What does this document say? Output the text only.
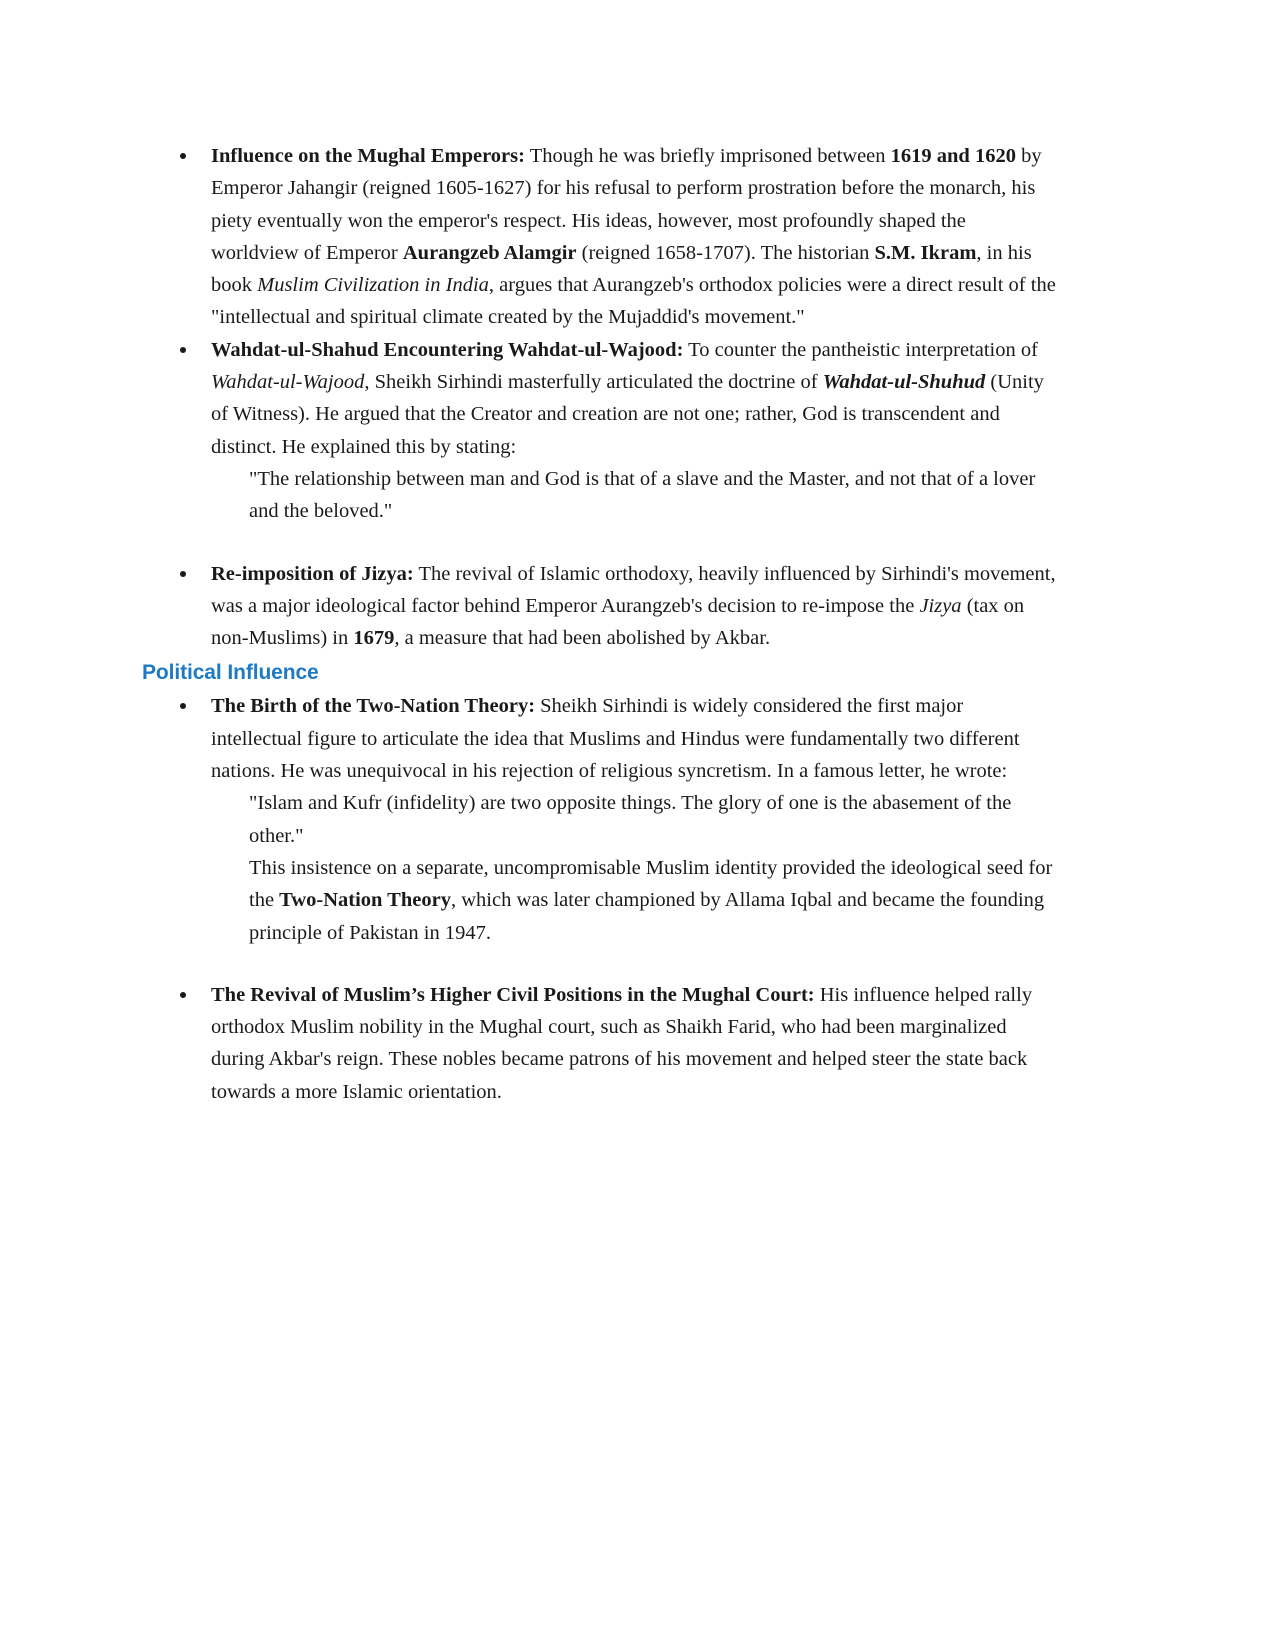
Influence on the Mughal Emperors: Though he was briefly imprisoned between 1619 and 1620 by Emperor Jahangir (reigned 1605-1627) for his refusal to perform prostration before the monarch, his piety eventually won the emperor's respect. His ideas, however, most profoundly shaped the worldview of Emperor Aurangzeb Alamgir (reigned 1658-1707). The historian S.M. Ikram, in his book Muslim Civilization in India, argues that Aurangzeb's orthodox policies were a direct result of the "intellectual and spiritual climate created by the Mujaddid's movement."

Wahdat-ul-Shahud Encountering Wahdat-ul-Wajood: To counter the pantheistic interpretation of Wahdat-ul-Wajood, Sheikh Sirhindi masterfully articulated the doctrine of Wahdat-ul-Shuhud (Unity of Witness). He argued that the Creator and creation are not one; rather, God is transcendent and distinct. He explained this by stating:

"The relationship between man and God is that of a slave and the Master, and not that of a lover and the beloved."

Re-imposition of Jizya: The revival of Islamic orthodoxy, heavily influenced by Sirhindi's movement, was a major ideological factor behind Emperor Aurangzeb's decision to re-impose the Jizya (tax on non-Muslims) in 1679, a measure that had been abolished by Akbar.

Political Influence

The Birth of the Two-Nation Theory: Sheikh Sirhindi is widely considered the first major intellectual figure to articulate the idea that Muslims and Hindus were fundamentally two different nations. He was unequivocal in his rejection of religious syncretism. In a famous letter, he wrote:

"Islam and Kufr (infidelity) are two opposite things. The glory of one is the abasement of the other."

This insistence on a separate, uncompromisable Muslim identity provided the ideological seed for the Two-Nation Theory, which was later championed by Allama Iqbal and became the founding principle of Pakistan in 1947.

The Revival of Muslim’s Higher Civil Positions in the Mughal Court: His influence helped rally orthodox Muslim nobility in the Mughal court, such as Shaikh Farid, who had been marginalized during Akbar's reign. These nobles became patrons of his movement and helped steer the state back towards a more Islamic orientation.
